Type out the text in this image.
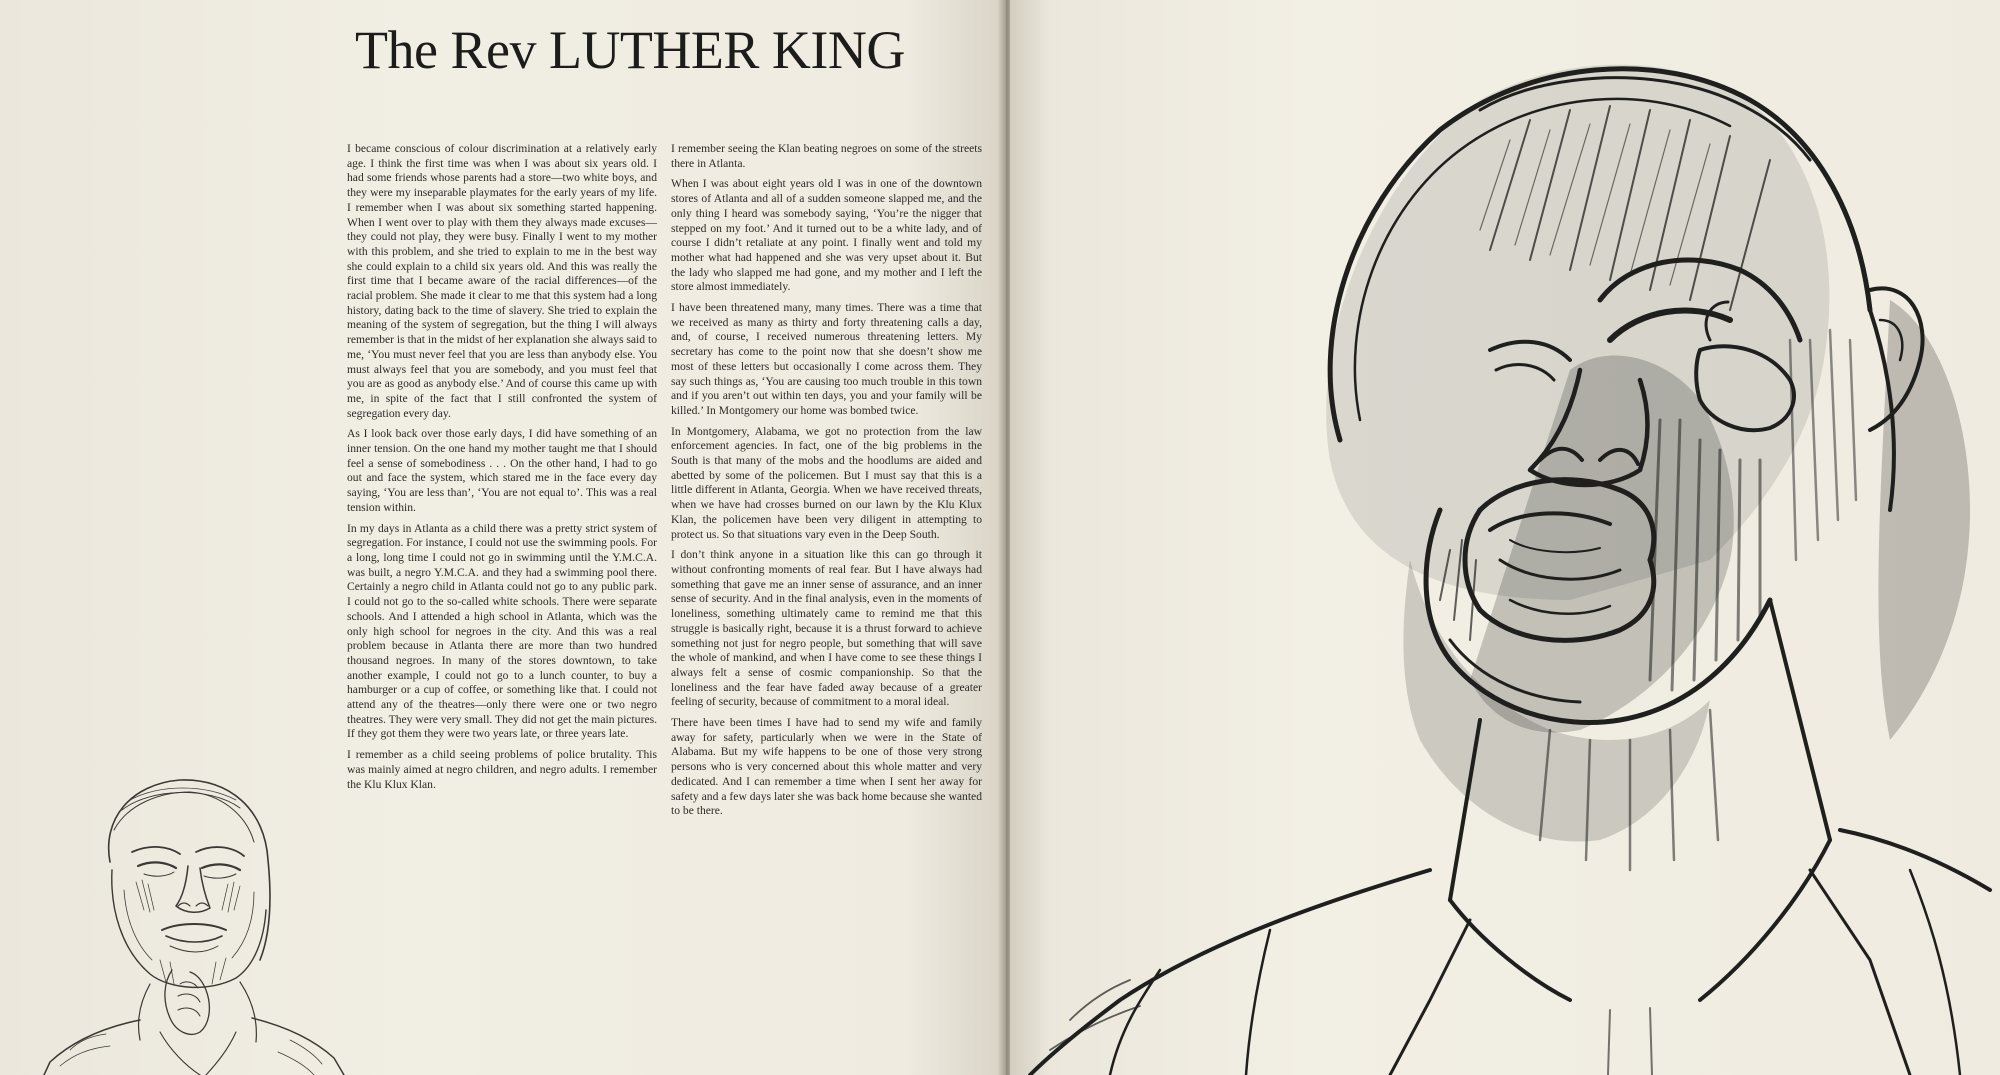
The Rev LUTHER KING

I became conscious of colour discrimination at a relatively early age. I think the first time was when I was about six years old. I had some friends whose parents had a store—two white boys, and they were my inseparable playmates for the early years of my life. I remember when I was about six something started happening. When I went over to play with them they always made excuses—they could not play, they were busy. Finally I went to my mother with this problem, and she tried to explain to me in the best way she could explain to a child six years old. And this was really the first time that I became aware of the racial differences—of the racial problem. She made it clear to me that this system had a long history, dating back to the time of slavery. She tried to explain the meaning of the system of segregation, but the thing I will always remember is that in the midst of her explanation she always said to me, ‘You must never feel that you are less than anybody else. You must always feel that you are somebody, and you must feel that you are as good as anybody else.’ And of course this came up with me, in spite of the fact that I still confronted the system of segregation every day.

As I look back over those early days, I did have something of an inner tension. On the one hand my mother taught me that I should feel a sense of somebodiness . . . On the other hand, I had to go out and face the system, which stared me in the face every day saying, ‘You are less than’, ‘You are not equal to’. This was a real tension within.

In my days in Atlanta as a child there was a pretty strict system of segregation. For instance, I could not use the swimming pools. For a long, long time I could not go in swimming until the Y.M.C.A. was built, a negro Y.M.C.A. and they had a swimming pool there. Certainly a negro child in Atlanta could not go to any public park. I could not go to the so-called white schools. There were separate schools. And I attended a high school in Atlanta, which was the only high school for negroes in the city. And this was a real problem because in Atlanta there are more than two hundred thousand negroes. In many of the stores downtown, to take another example, I could not go to a lunch counter, to buy a hamburger or a cup of coffee, or something like that. I could not attend any of the theatres—only there were one or two negro theatres. They were very small. They did not get the main pictures. If they got them they were two years late, or three years late.

I remember as a child seeing problems of police brutality. This was mainly aimed at negro children, and negro adults. I remember the Klu Klux Klan.

I remember seeing the Klan beating negroes on some of the streets there in Atlanta.

When I was about eight years old I was in one of the downtown stores of Atlanta and all of a sudden someone slapped me, and the only thing I heard was somebody saying, ‘You’re the nigger that stepped on my foot.’ And it turned out to be a white lady, and of course I didn’t retaliate at any point. I finally went and told my mother what had happened and she was very upset about it. But the lady who slapped me had gone, and my mother and I left the store almost immediately.

I have been threatened many, many times. There was a time that we received as many as thirty and forty threatening calls a day, and, of course, I received numerous threatening letters. My secretary has come to the point now that she doesn’t show me most of these letters but occasionally I come across them. They say such things as, ‘You are causing too much trouble in this town and if you aren’t out within ten days, you and your family will be killed.’ In Montgomery our home was bombed twice.

In Montgomery, Alabama, we got no protection from the law enforcement agencies. In fact, one of the big problems in the South is that many of the mobs and the hoodlums are aided and abetted by some of the policemen. But I must say that this is a little different in Atlanta, Georgia. When we have received threats, when we have had crosses burned on our lawn by the Klu Klux Klan, the policemen have been very diligent in attempting to protect us. So that situations vary even in the Deep South.

I don’t think anyone in a situation like this can go through it without confronting moments of real fear. But I have always had something that gave me an inner sense of assurance, and an inner sense of security. And in the final analysis, even in the moments of loneliness, something ultimately came to remind me that this struggle is basically right, because it is a thrust forward to achieve something not just for negro people, but something that will save the whole of mankind, and when I have come to see these things I always felt a sense of cosmic companionship. So that the loneliness and the fear have faded away because of a greater feeling of security, because of commitment to a moral ideal.

There have been times I have had to send my wife and family away for safety, particularly when we were in the State of Alabama. But my wife happens to be one of those very strong persons who is very concerned about this whole matter and very dedicated. And I can remember a time when I sent her away for safety and a few days later she was back home because she wanted to be there.
